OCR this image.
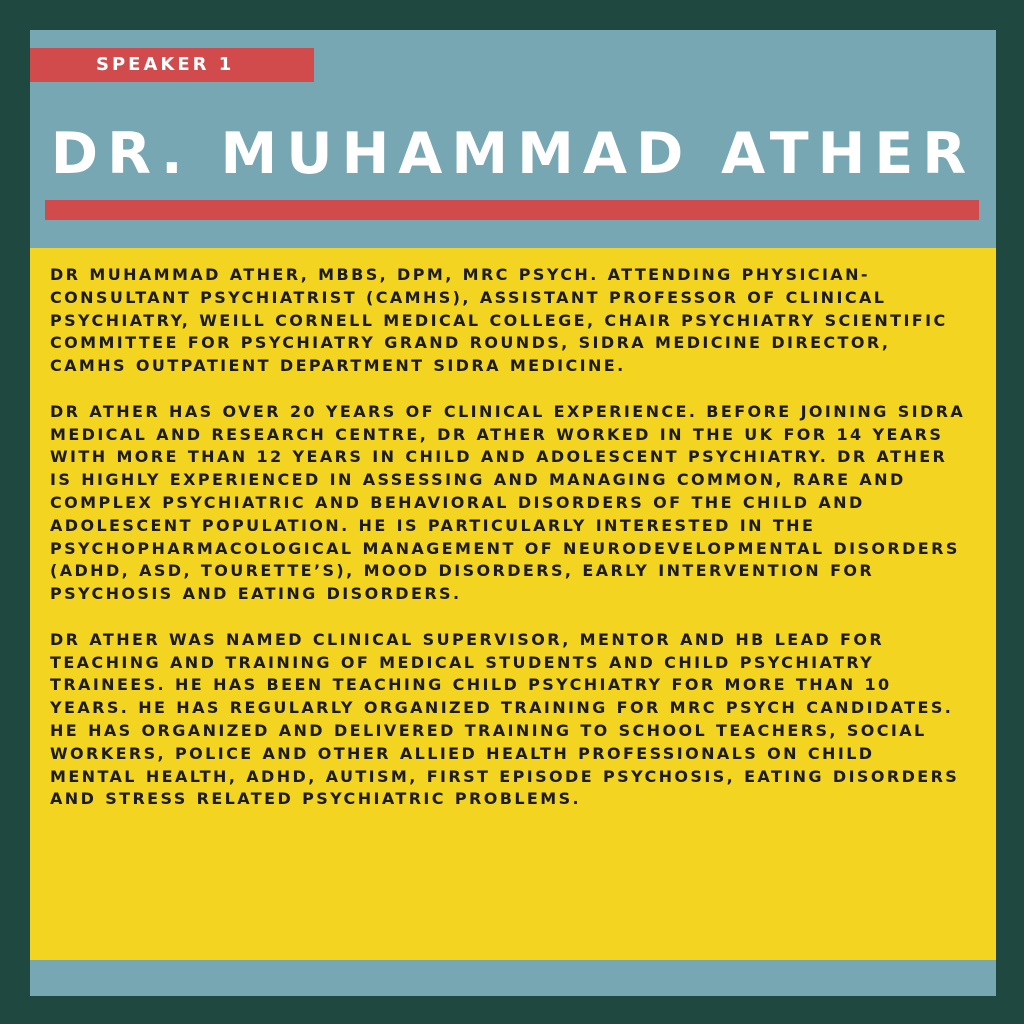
SPEAKER 1
DR. MUHAMMAD ATHER

DR MUHAMMAD ATHER, MBBS, DPM, MRC PSYCH. ATTENDING PHYSICIAN-CONSULTANT PSYCHIATRIST (CAMHS), ASSISTANT PROFESSOR OF CLINICAL PSYCHIATRY, WEILL CORNELL MEDICAL COLLEGE, CHAIR PSYCHIATRY SCIENTIFIC COMMITTEE FOR PSYCHIATRY GRAND ROUNDS, SIDRA MEDICINE DIRECTOR, CAMHS OUTPATIENT DEPARTMENT SIDRA MEDICINE.

DR ATHER HAS OVER 20 YEARS OF CLINICAL EXPERIENCE. BEFORE JOINING SIDRA MEDICAL AND RESEARCH CENTRE, DR ATHER WORKED IN THE UK FOR 14 YEARS WITH MORE THAN 12 YEARS IN CHILD AND ADOLESCENT PSYCHIATRY. DR ATHER IS HIGHLY EXPERIENCED IN ASSESSING AND MANAGING COMMON, RARE AND COMPLEX PSYCHIATRIC AND BEHAVIORAL DISORDERS OF THE CHILD AND ADOLESCENT POPULATION. HE IS PARTICULARLY INTERESTED IN THE PSYCHOPHARMACOLOGICAL MANAGEMENT OF NEURODEVELOPMENTAL DISORDERS (ADHD, ASD, TOURETTE’S), MOOD DISORDERS, EARLY INTERVENTION FOR PSYCHOSIS AND EATING DISORDERS.

DR ATHER WAS NAMED CLINICAL SUPERVISOR, MENTOR AND HB LEAD FOR TEACHING AND TRAINING OF MEDICAL STUDENTS AND CHILD PSYCHIATRY TRAINEES. HE HAS BEEN TEACHING CHILD PSYCHIATRY FOR MORE THAN 10 YEARS. HE HAS REGULARLY ORGANIZED TRAINING FOR MRC PSYCH CANDIDATES. HE HAS ORGANIZED AND DELIVERED TRAINING TO SCHOOL TEACHERS, SOCIAL WORKERS, POLICE AND OTHER ALLIED HEALTH PROFESSIONALS ON CHILD MENTAL HEALTH, ADHD, AUTISM, FIRST EPISODE PSYCHOSIS, EATING DISORDERS AND STRESS RELATED PSYCHIATRIC PROBLEMS.
